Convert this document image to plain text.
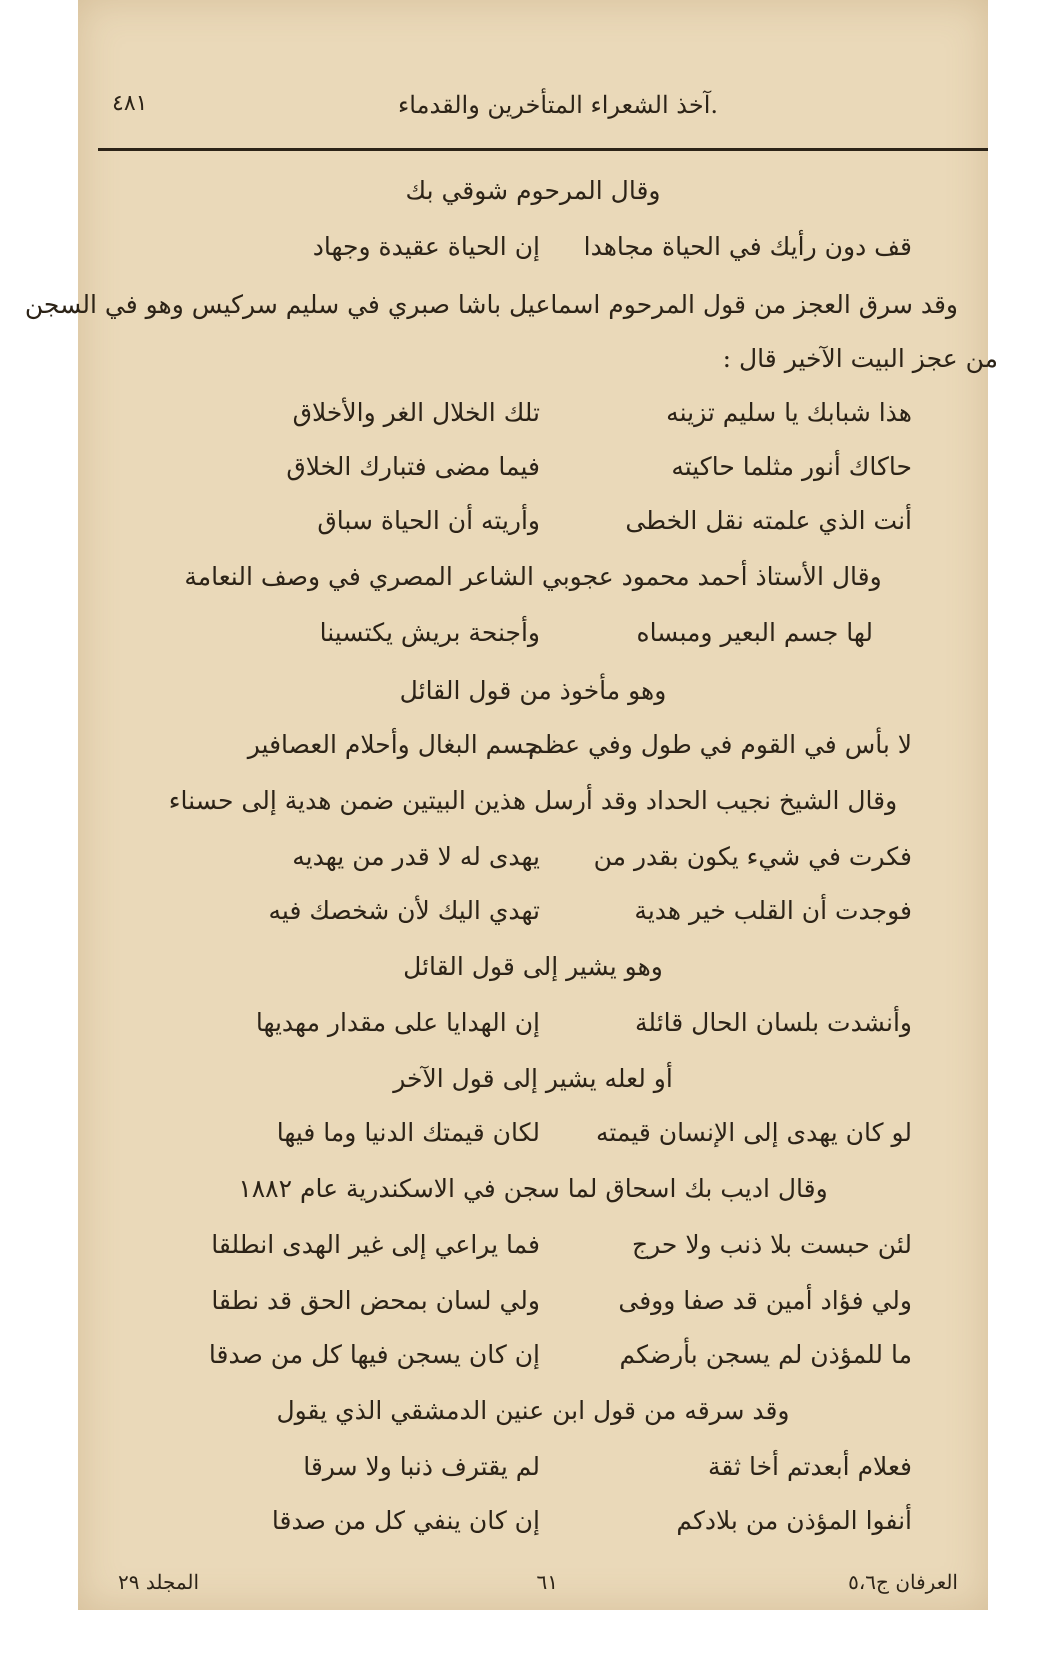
.آخذ الشعراء المتأخرين والقدماء
٤٨١
وقال المرحوم شوقي بك
قف دون رأيك في الحياة مجاهدا
إن الحياة عقيدة وجهاد
وقد سرق العجز من قول المرحوم اسماعيل باشا صبري في سليم سركيس وهو في السجن
من عجز البيت الآخير قال :
هذا شبابك يا سليم تزينه
تلك الخلال الغر والأخلاق
حاكاك أنور مثلما حاكيته
فيما مضى فتبارك الخلاق
أنت الذي علمته نقل الخطى
وأريته أن الحياة سباق
وقال الأستاذ أحمد محمود عجوبي الشاعر المصري في وصف النعامة
لها جسم البعير ومبساه
وأجنحة بريش يكتسينا
وهو مأخوذ من قول القائل
لا بأس في القوم في طول وفي عظم
جسم البغال وأحلام العصافير
وقال الشيخ نجيب الحداد وقد أرسل هذين البيتين ضمن هدية إلى حسناء
فكرت في شيء يكون بقدر من
يهدى له لا قدر من يهديه
فوجدت أن القلب خير هدية
تهدي اليك لأن شخصك فيه
وهو يشير إلى قول القائل
وأنشدت بلسان الحال قائلة
إن الهدايا على مقدار مهديها
أو لعله يشير إلى قول الآخر
لو كان يهدى إلى الإنسان قيمته
لكان قيمتك الدنيا وما فيها
وقال اديب بك اسحاق لما سجن في الاسكندرية عام ١٨٨٢
لئن حبست بلا ذنب ولا حرج
فما يراعي إلى غير الهدى انطلقا
ولي فؤاد أمين قد صفا ووفى
ولي لسان بمحض الحق قد نطقا
ما للمؤذن لم يسجن بأرضكم
إن كان يسجن فيها كل من صدقا
وقد سرقه من قول ابن عنين الدمشقي الذي يقول
فعلام أبعدتم أخا ثقة
لم يقترف ذنبا ولا سرقا
أنفوا المؤذن من بلادكم
إن كان ينفي كل من صدقا
العرفان ج٥،٦
٦١
المجلد ٢٩
